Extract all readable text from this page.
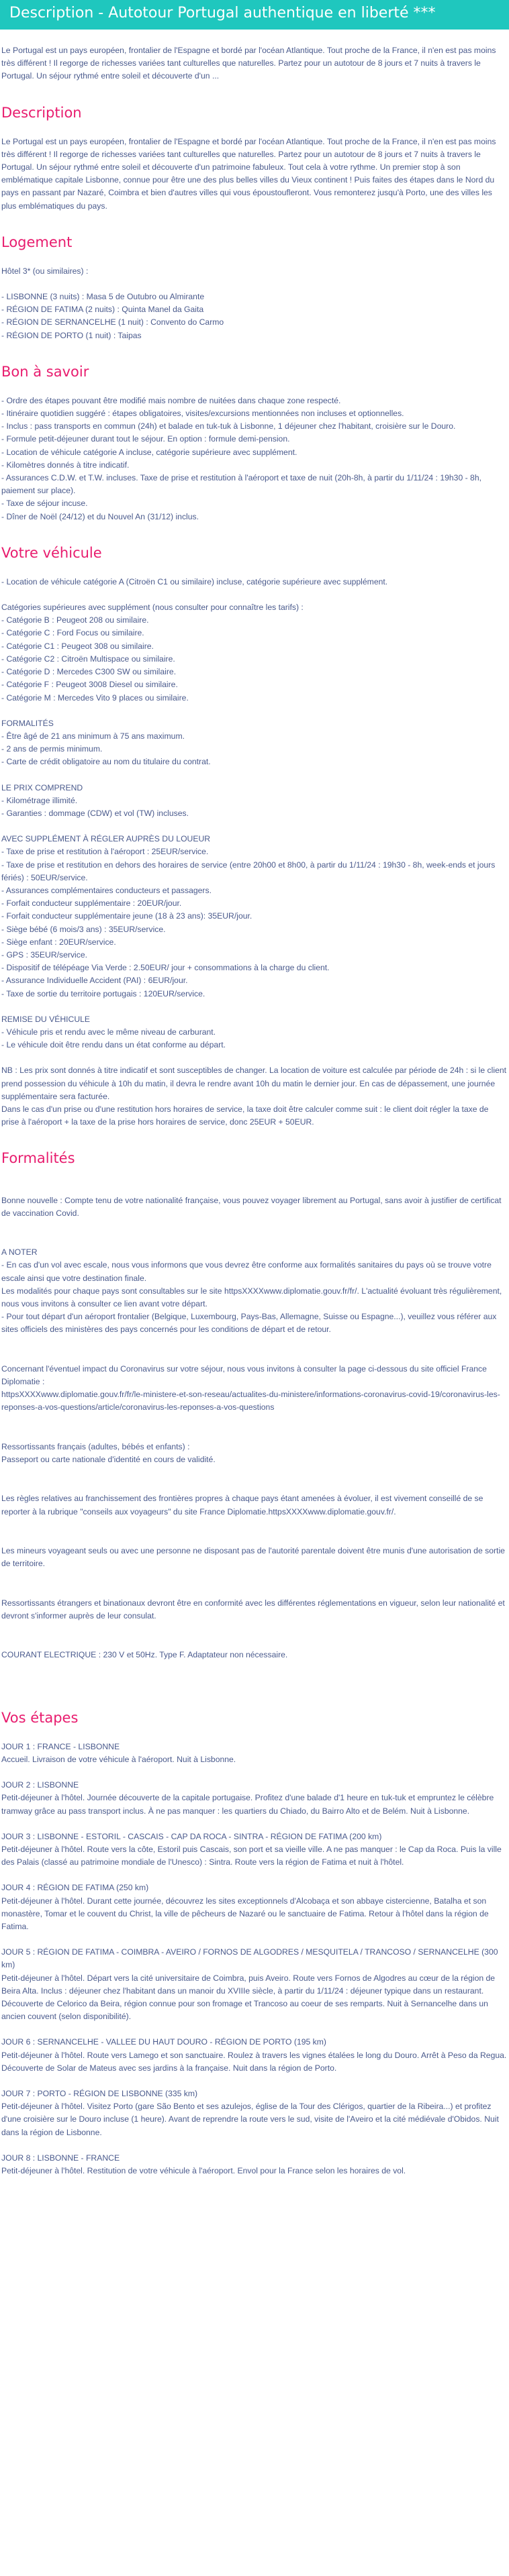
Description - Autotour Portugal authentique en liberté ***

Le Portugal est un pays européen, frontalier de l'Espagne et bordé par l'océan Atlantique. Tout proche de la France, il n'en est pas moins très différent ! Il regorge de richesses variées tant culturelles que naturelles. Partez pour un autotour de 8 jours et 7 nuits à travers le Portugal. Un séjour rythmé entre soleil et découverte d'un ...

Description

Le Portugal est un pays européen, frontalier de l'Espagne et bordé par l'océan Atlantique. Tout proche de la France, il n'en est pas moins très différent ! Il regorge de richesses variées tant culturelles que naturelles. Partez pour un autotour de 8 jours et 7 nuits à travers le Portugal. Un séjour rythmé entre soleil et découverte d'un patrimoine fabuleux. Tout cela à votre rythme. Un premier stop à son emblématique capitale Lisbonne, connue pour être une des plus belles villes du Vieux continent ! Puis faites des étapes dans le Nord du pays en passant par Nazaré, Coimbra et bien d'autres villes qui vous époustoufleront. Vous remonterez jusqu'à Porto, une des villes les plus emblématiques du pays.

Logement
Hôtel 3* (ou similaires) :
- LISBONNE (3 nuits) : Masa 5 de Outubro ou Almirante
- RÉGION DE FATIMA (2 nuits) : Quinta Manel da Gaita
- RÉGION DE SERNANCELHE (1 nuit) : Convento do Carmo
- RÉGION DE PORTO (1 nuit) : Taipas
Bon à savoir
- Ordre des étapes pouvant être modifié mais nombre de nuitées dans chaque zone respecté.
- Itinéraire quotidien suggéré : étapes obligatoires, visites/excursions mentionnées non incluses et optionnelles.
- Inclus : pass transports en commun (24h) et balade en tuk-tuk à Lisbonne, 1 déjeuner chez l'habitant, croisière sur le Douro.
- Formule petit-déjeuner durant tout le séjour. En option : formule demi-pension.
- Location de véhicule catégorie A incluse, catégorie supérieure avec supplément.
- Kilomètres donnés à titre indicatif.
- Assurances C.D.W. et T.W. incluses. Taxe de prise et restitution à l'aéroport et taxe de nuit (20h-8h, à partir du 1/11/24 : 19h30 - 8h, paiement sur place).
- Taxe de séjour incuse.
- Dîner de Noël (24/12) et du Nouvel An (31/12) inclus.
Votre véhicule
- Location de véhicule catégorie A (Citroën C1 ou similaire) incluse, catégorie supérieure avec supplément.
Catégories supérieures avec supplément (nous consulter pour connaître les tarifs) :
- Catégorie B : Peugeot 208 ou similaire.
- Catégorie C : Ford Focus ou similaire.
- Catégorie C1 : Peugeot 308 ou similaire.
- Catégorie C2 : Citroën Multispace ou similaire.
- Catégorie D : Mercedes C300 SW ou similaire.
- Catégorie F : Peugeot 3008 Diesel ou similaire.
- Catégorie M : Mercedes Vito 9 places ou similaire.
FORMALITÉS
- Être âgé de 21 ans minimum à 75 ans maximum.
- 2 ans de permis minimum.
- Carte de crédit obligatoire au nom du titulaire du contrat.
LE PRIX COMPREND
- Kilométrage illimité.
- Garanties : dommage (CDW) et vol (TW) incluses.
AVEC SUPPLÉMENT À RÉGLER AUPRÈS DU LOUEUR
- Taxe de prise et restitution à l'aéroport : 25EUR/service.
- Taxe de prise et restitution en dehors des horaires de service (entre 20h00 et 8h00, à partir du 1/11/24 : 19h30 - 8h, week-ends et jours fériés) : 50EUR/service.
- Assurances complémentaires conducteurs et passagers.
- Forfait conducteur supplémentaire : 20EUR/jour.
- Forfait conducteur supplémentaire jeune (18 à 23 ans): 35EUR/jour.
- Siège bébé (6 mois/3 ans) : 35EUR/service.
- Siège enfant : 20EUR/service.
- GPS : 35EUR/service.
- Dispositif de télépéage Via Verde : 2.50EUR/ jour + consommations à la charge du client.
- Assurance Individuelle Accident (PAI) : 6EUR/jour.
- Taxe de sortie du territoire portugais : 120EUR/service.
REMISE DU VÉHICULE
- Véhicule pris et rendu avec le même niveau de carburant.
- Le véhicule doit être rendu dans un état conforme au départ.
NB : Les prix sont donnés à titre indicatif et sont susceptibles de changer. La location de voiture est calculée par période de 24h : si le client prend possession du véhicule à 10h du matin, il devra le rendre avant 10h du matin le dernier jour. En cas de dépassement, une journée supplémentaire sera facturée.
Dans le cas d'un prise ou d'une restitution hors horaires de service, la taxe doit être calculer comme suit : le client doit régler la taxe de prise à l'aéroport + la taxe de la prise hors horaires de service, donc 25EUR + 50EUR.
Formalités

Bonne nouvelle : Compte tenu de votre nationalité française, vous pouvez voyager librement au Portugal, sans avoir à justifier de certificat de vaccination Covid.

A NOTER
- En cas d'un vol avec escale, nous vous informons que vous devrez être conforme aux formalités sanitaires du pays où se trouve votre escale ainsi que votre destination finale.
Les modalités pour chaque pays sont consultables sur le site httpsXXXXwww.diplomatie.gouv.fr/fr/. L'actualité évoluant très régulièrement, nous vous invitons à consulter ce lien avant votre départ.
- Pour tout départ d'un aéroport frontalier (Belgique, Luxembourg, Pays-Bas, Allemagne, Suisse ou Espagne...), veuillez vous référer aux sites officiels des ministères des pays concernés pour les conditions de départ et de retour.

Concernant l'éventuel impact du Coronavirus sur votre séjour, nous vous invitons à consulter la page ci-dessous du site officiel France Diplomatie :
httpsXXXXwww.diplomatie.gouv.fr/fr/le-ministere-et-son-reseau/actualites-du-ministere/informations-coronavirus-covid-19/coronavirus-les-reponses-a-vos-questions/article/coronavirus-les-reponses-a-vos-questions

Ressortissants français (adultes, bébés et enfants) :
Passeport ou carte nationale d'identité en cours de validité.

Les règles relatives au franchissement des frontières propres à chaque pays étant amenées à évoluer, il est vivement conseillé de se reporter à la rubrique "conseils aux voyageurs" du site France Diplomatie.httpsXXXXwww.diplomatie.gouv.fr/.

Les mineurs voyageant seuls ou avec une personne ne disposant pas de l'autorité parentale doivent être munis d'une autorisation de sortie de territoire.

Ressortissants étrangers et binationaux devront être en conformité avec les différentes réglementations en vigueur, selon leur nationalité et devront s'informer auprès de leur consulat.

COURANT ELECTRIQUE : 230 V et 50Hz. Type F. Adaptateur non nécessaire.

Vos étapes
JOUR 1 : FRANCE - LISBONNE
Accueil. Livraison de votre véhicule à l'aéroport. Nuit à Lisbonne.
JOUR 2 : LISBONNE
Petit-déjeuner à l'hôtel. Journée découverte de la capitale portugaise. Profitez d'une balade d'1 heure en tuk-tuk et empruntez le célèbre tramway grâce au pass transport inclus. À ne pas manquer : les quartiers du Chiado, du Bairro Alto et de Belém. Nuit à Lisbonne.
JOUR 3 : LISBONNE - ESTORIL - CASCAIS - CAP DA ROCA - SINTRA - RÉGION DE FATIMA (200 km)
Petit-déjeuner à l'hôtel. Route vers la côte, Estoril puis Cascais, son port et sa vieille ville. A ne pas manquer : le Cap da Roca. Puis la ville des Palais (classé au patrimoine mondiale de l'Unesco) : Sintra. Route vers la région de Fatima et nuit à l'hôtel.
JOUR 4 : RÉGION DE FATIMA (250 km)
Petit-déjeuner à l'hôtel. Durant cette journée, découvrez les sites exceptionnels d'Alcobaça et son abbaye cistercienne, Batalha et son monastère, Tomar et le couvent du Christ, la ville de pêcheurs de Nazaré ou le sanctuaire de Fatima. Retour à l'hôtel dans la région de Fatima.
JOUR 5 : RÉGION DE FATIMA - COIMBRA - AVEIRO / FORNOS DE ALGODRES / MESQUITELA / TRANCOSO / SERNANCELHE (300 km)
Petit-déjeuner à l'hôtel. Départ vers la cité universitaire de Coimbra, puis Aveiro. Route vers Fornos de Algodres au cœur de la région de Beira Alta. Inclus : déjeuner chez l'habitant dans un manoir du XVIIIe siècle, à partir du 1/11/24 : déjeuner typique dans un restaurant. Découverte de Celorico da Beira, région connue pour son fromage et Trancoso au coeur de ses remparts. Nuit à Sernancelhe dans un ancien couvent (selon disponibilité).
JOUR 6 : SERNANCELHE - VALLEE DU HAUT DOURO - RÉGION DE PORTO (195 km)
Petit-déjeuner à l'hôtel. Route vers Lamego et son sanctuaire. Roulez à travers les vignes étalées le long du Douro. Arrêt à Peso da Regua. Découverte de Solar de Mateus avec ses jardins à la française. Nuit dans la région de Porto.
JOUR 7 : PORTO - RÉGION DE LISBONNE (335 km)
Petit-déjeuner à l'hôtel. Visitez Porto (gare São Bento et ses azulejos, église de la Tour des Clérigos, quartier de la Ribeira...) et profitez d'une croisière sur le Douro incluse (1 heure). Avant de reprendre la route vers le sud, visite de l'Aveiro et la cité médiévale d'Obidos. Nuit dans la région de Lisbonne.
JOUR 8 : LISBONNE - FRANCE
Petit-déjeuner à l'hôtel. Restitution de votre véhicule à l'aéroport. Envol pour la France selon les horaires de vol.
